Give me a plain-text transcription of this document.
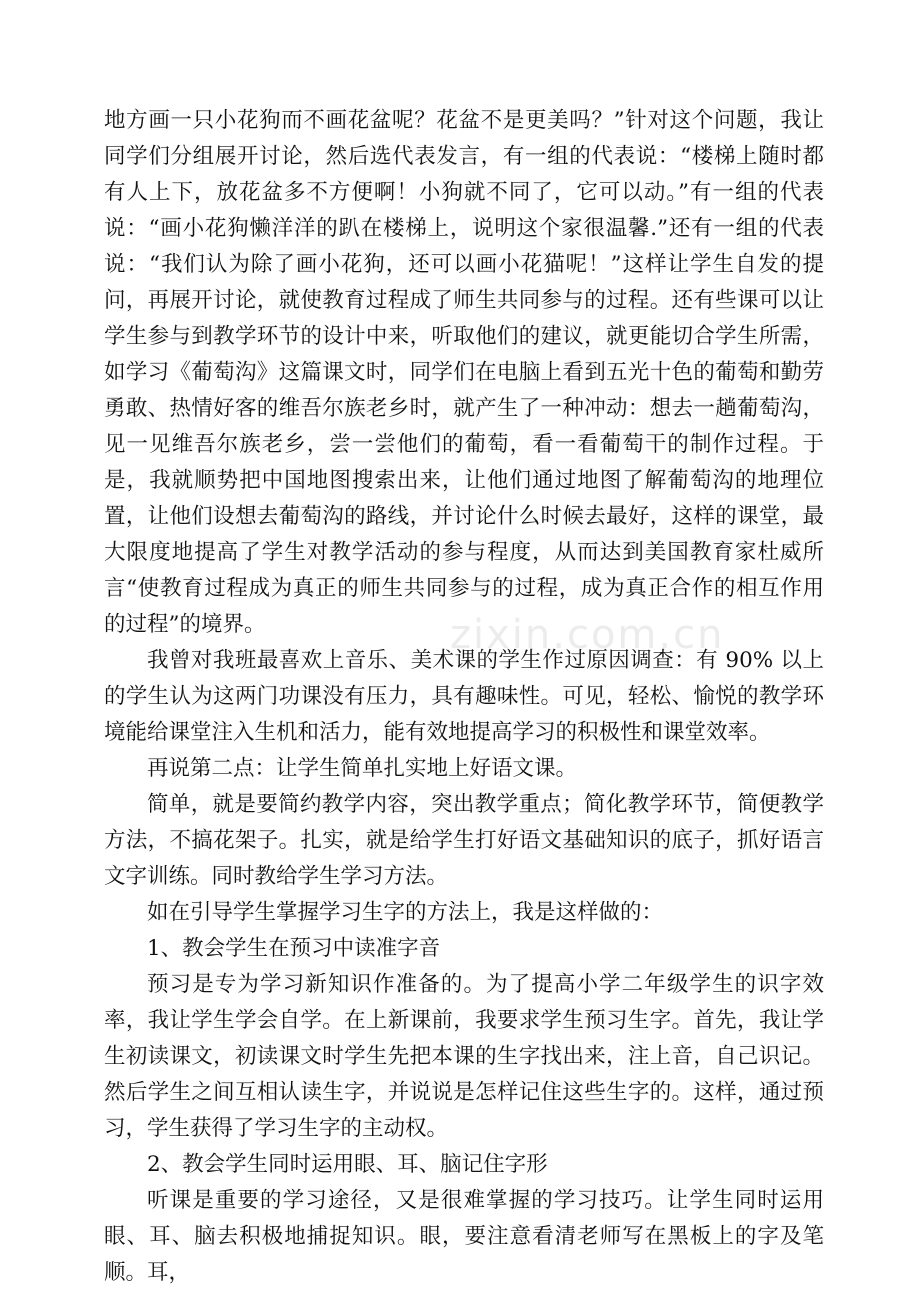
地方画一只小花狗而不画花盆呢？花盆不是更美吗？”针对这个问题，我让同学们分组展开讨论，然后选代表发言，有一组的代表说：“楼梯上随时都有人上下，放花盆多不方便啊！小狗就不同了，它可以动。”有一组的代表说：“画小花狗懒洋洋的趴在楼梯上，说明这个家很温馨.”还有一组的代表说：“我们认为除了画小花狗，还可以画小花猫呢！”这样让学生自发的提问，再展开讨论，就使教育过程成了师生共同参与的过程。还有些课可以让学生参与到教学环节的设计中来，听取他们的建议，就更能切合学生所需，如学习《葡萄沟》这篇课文时，同学们在电脑上看到五光十色的葡萄和勤劳勇敢、热情好客的维吾尔族老乡时，就产生了一种冲动：想去一趟葡萄沟，见一见维吾尔族老乡，尝一尝他们的葡萄，看一看葡萄干的制作过程。于是，我就顺势把中国地图搜索出来，让他们通过地图了解葡萄沟的地理位置，让他们设想去葡萄沟的路线，并讨论什么时候去最好，这样的课堂，最大限度地提高了学生对教学活动的参与程度，从而达到美国教育家杜威所言“使教育过程成为真正的师生共同参与的过程，成为真正合作的相互作用的过程”的境界。

我曾对我班最喜欢上音乐、美术课的学生作过原因调查：有 90% 以上的学生认为这两门功课没有压力，具有趣味性。可见，轻松、愉悦的教学环境能给课堂注入生机和活力，能有效地提高学习的积极性和课堂效率。

再说第二点：让学生简单扎实地上好语文课。

简单，就是要简约教学内容，突出教学重点；简化教学环节，简便教学方法，不搞花架子。扎实，就是给学生打好语文基础知识的底子，抓好语言文字训练。同时教给学生学习方法。

如在引导学生掌握学习生字的方法上，我是这样做的：

1、教会学生在预习中读准字音

预习是专为学习新知识作准备的。为了提高小学二年级学生的识字效率，我让学生学会自学。在上新课前，我要求学生预习生字。首先，我让学生初读课文，初读课文时学生先把本课的生字找出来，注上音，自己识记。然后学生之间互相认读生字，并说说是怎样记住这些生字的。这样，通过预习，学生获得了学习生字的主动权。

2、教会学生同时运用眼、耳、脑记住字形

听课是重要的学习途径，又是很难掌握的学习技巧。让学生同时运用眼、耳、脑去积极地捕捉知识。眼，要注意看清老师写在黑板上的字及笔顺。耳，

zixin.com.cn
